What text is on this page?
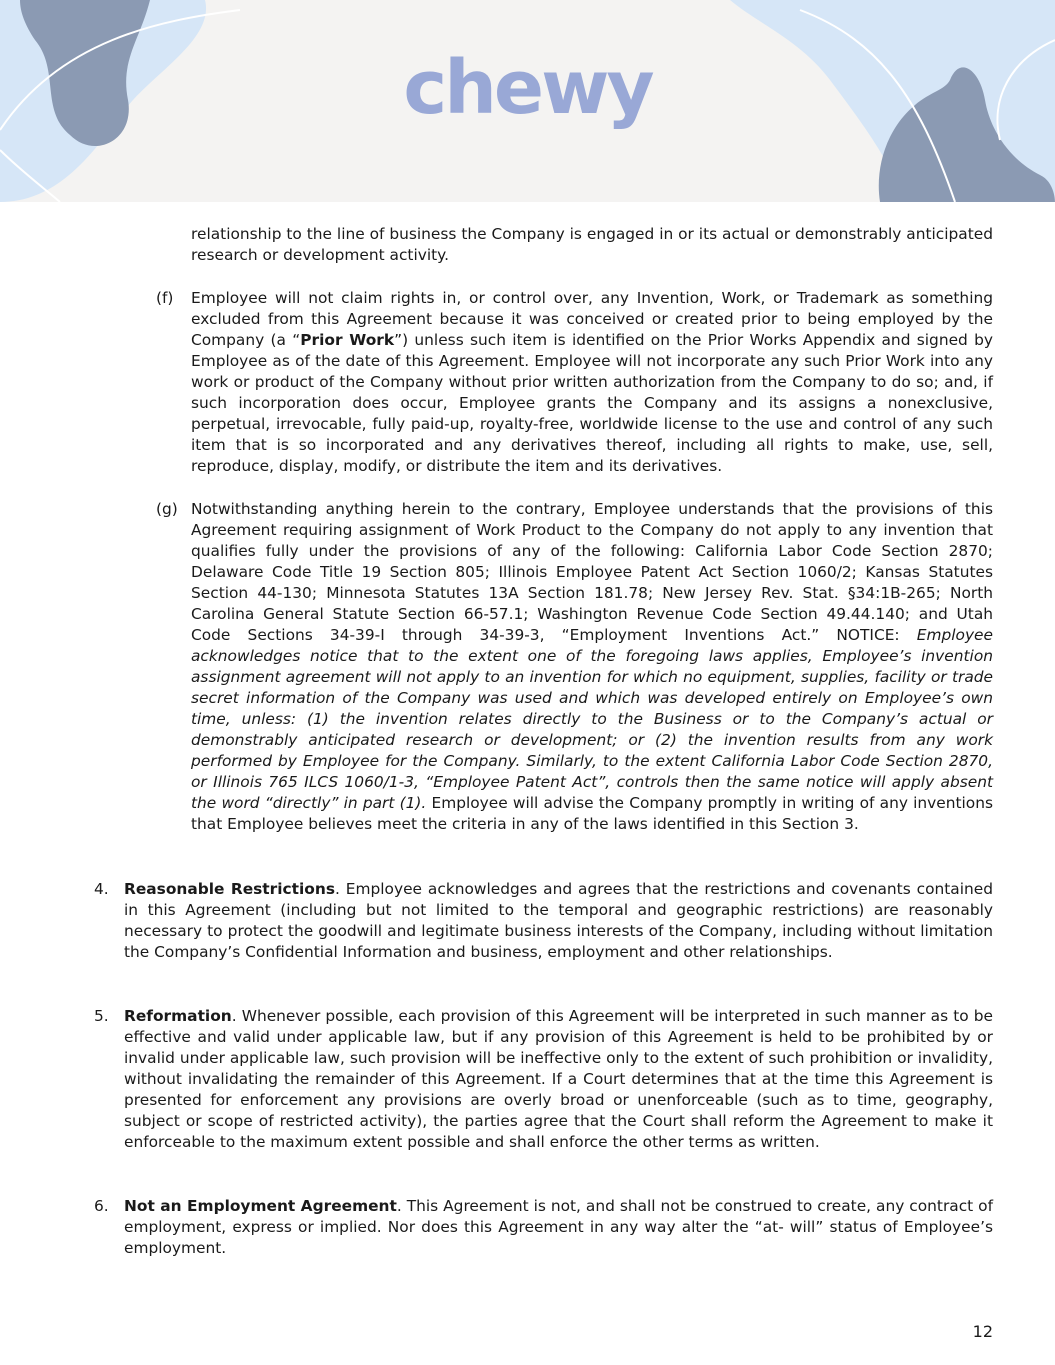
chewy
relationship to the line of business the Company is engaged in or its actual or demonstrably anticipated research or development activity.
(f) Employee will not claim rights in, or control over, any Invention, Work, or Trademark as something excluded from this Agreement because it was conceived or created prior to being employed by the Company (a “Prior Work”) unless such item is identified on the Prior Works Appendix and signed by Employee as of the date of this Agreement. Employee will not incorporate any such Prior Work into any work or product of the Company without prior written authorization from the Company to do so; and, if such incorporation does occur, Employee grants the Company and its assigns a nonexclusive, perpetual, irrevocable, fully paid-up, royalty-free, worldwide license to the use and control of any such item that is so incorporated and any derivatives thereof, including all rights to make, use, sell, reproduce, display, modify, or distribute the item and its derivatives.
(g) Notwithstanding anything herein to the contrary, Employee understands that the provisions of this Agreement requiring assignment of Work Product to the Company do not apply to any invention that qualifies fully under the provisions of any of the following: California Labor Code Section 2870; Delaware Code Title 19 Section 805; Illinois Employee Patent Act Section 1060/2; Kansas Statutes Section 44-130; Minnesota Statutes 13A Section 181.78; New Jersey Rev. Stat. §34:1B-265; North Carolina General Statute Section 66-57.1; Washington Revenue Code Section 49.44.140; and Utah Code Sections 34-39-I through 34-39-3, “Employment Inventions Act.” NOTICE: Employee acknowledges notice that to the extent one of the foregoing laws applies, Employee’s invention assignment agreement will not apply to an invention for which no equipment, supplies, facility or trade secret information of the Company was used and which was developed entirely on Employee’s own time, unless: (1) the invention relates directly to the Business or to the Company’s actual or demonstrably anticipated research or development; or (2) the invention results from any work performed by Employee for the Company. Similarly, to the extent California Labor Code Section 2870, or Illinois 765 ILCS 1060/1-3, “Employee Patent Act”, controls then the same notice will apply absent the word “directly” in part (1). Employee will advise the Company promptly in writing of any inventions that Employee believes meet the criteria in any of the laws identified in this Section 3.
4. Reasonable Restrictions. Employee acknowledges and agrees that the restrictions and covenants contained in this Agreement (including but not limited to the temporal and geographic restrictions) are reasonably necessary to protect the goodwill and legitimate business interests of the Company, including without limitation the Company’s Confidential Information and business, employment and other relationships.
5. Reformation. Whenever possible, each provision of this Agreement will be interpreted in such manner as to be effective and valid under applicable law, but if any provision of this Agreement is held to be prohibited by or invalid under applicable law, such provision will be ineffective only to the extent of such prohibition or invalidity, without invalidating the remainder of this Agreement. If a Court determines that at the time this Agreement is presented for enforcement any provisions are overly broad or unenforceable (such as to time, geography, subject or scope of restricted activity), the parties agree that the Court shall reform the Agreement to make it enforceable to the maximum extent possible and shall enforce the other terms as written.
6. Not an Employment Agreement. This Agreement is not, and shall not be construed to create, any contract of employment, express or implied. Nor does this Agreement in any way alter the “at- will” status of Employee’s employment.
12
